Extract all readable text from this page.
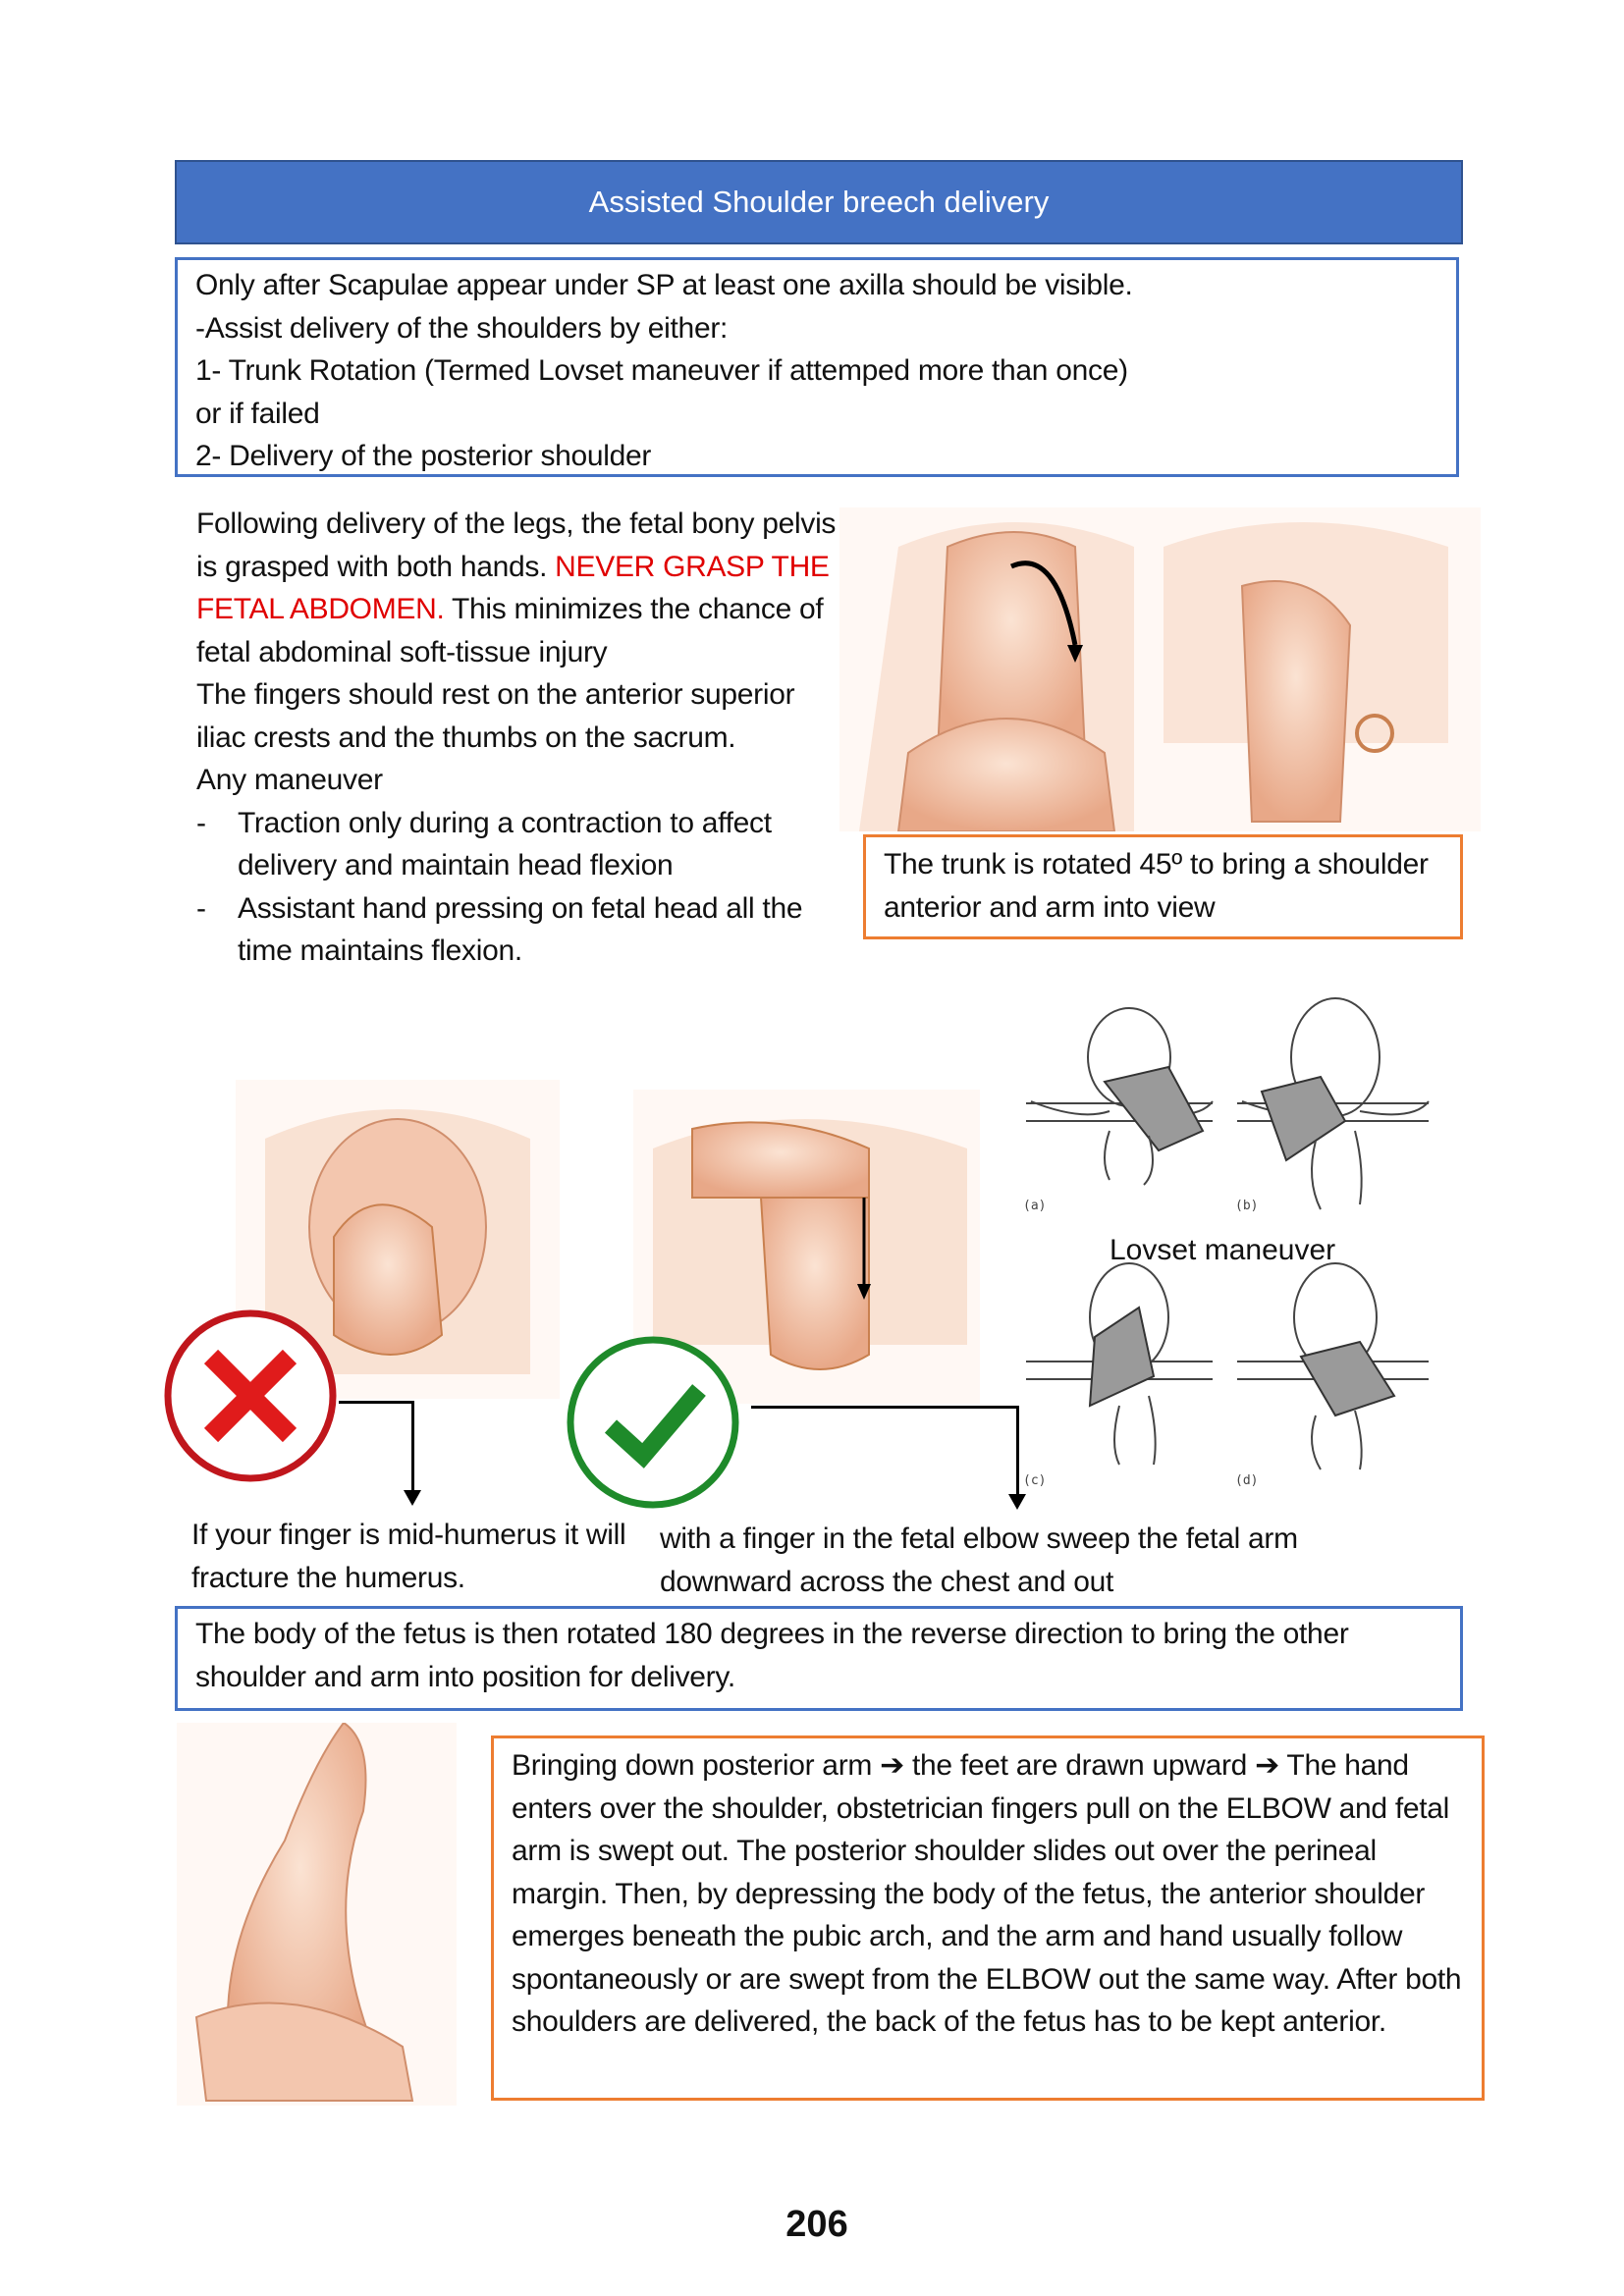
Assisted Shoulder breech delivery
Only after Scapulae appear under SP at least one axilla should be visible.
-Assist delivery of the shoulders by either:
1- Trunk Rotation (Termed Lovset maneuver if attemped more than once)
or if failed
2- Delivery of the posterior shoulder
Following delivery of the legs, the fetal bony pelvis is grasped with both hands. NEVER GRASP THE FETAL ABDOMEN. This minimizes the chance of fetal abdominal soft-tissue injury
The fingers should rest on the anterior superior iliac crests and the thumbs on the sacrum.
Any maneuver
-	Traction only during a contraction to affect delivery and maintain head flexion
-	Assistant hand pressing on fetal head all the time maintains flexion.
The trunk is rotated 45º to bring a shoulder anterior and arm into view
(a)	(b)
(c)	(d)
Lovset maneuver
If your finger is mid-humerus it will fracture the humerus.
with a finger in the fetal elbow sweep the fetal arm downward across the chest and out
The body of the fetus is then rotated 180 degrees in the reverse direction to bring the other shoulder and arm into position for delivery.
Bringing down posterior arm ➔ the feet are drawn upward ➔ The hand enters over the shoulder, obstetrician fingers pull on the ELBOW and fetal arm is swept out. The posterior shoulder slides out over the perineal margin. Then, by depressing the body of the fetus, the anterior shoulder emerges beneath the pubic arch, and the arm and hand usually follow spontaneously or are swept from the ELBOW out the same way. After both shoulders are delivered, the back of the fetus has to be kept anterior.
206
